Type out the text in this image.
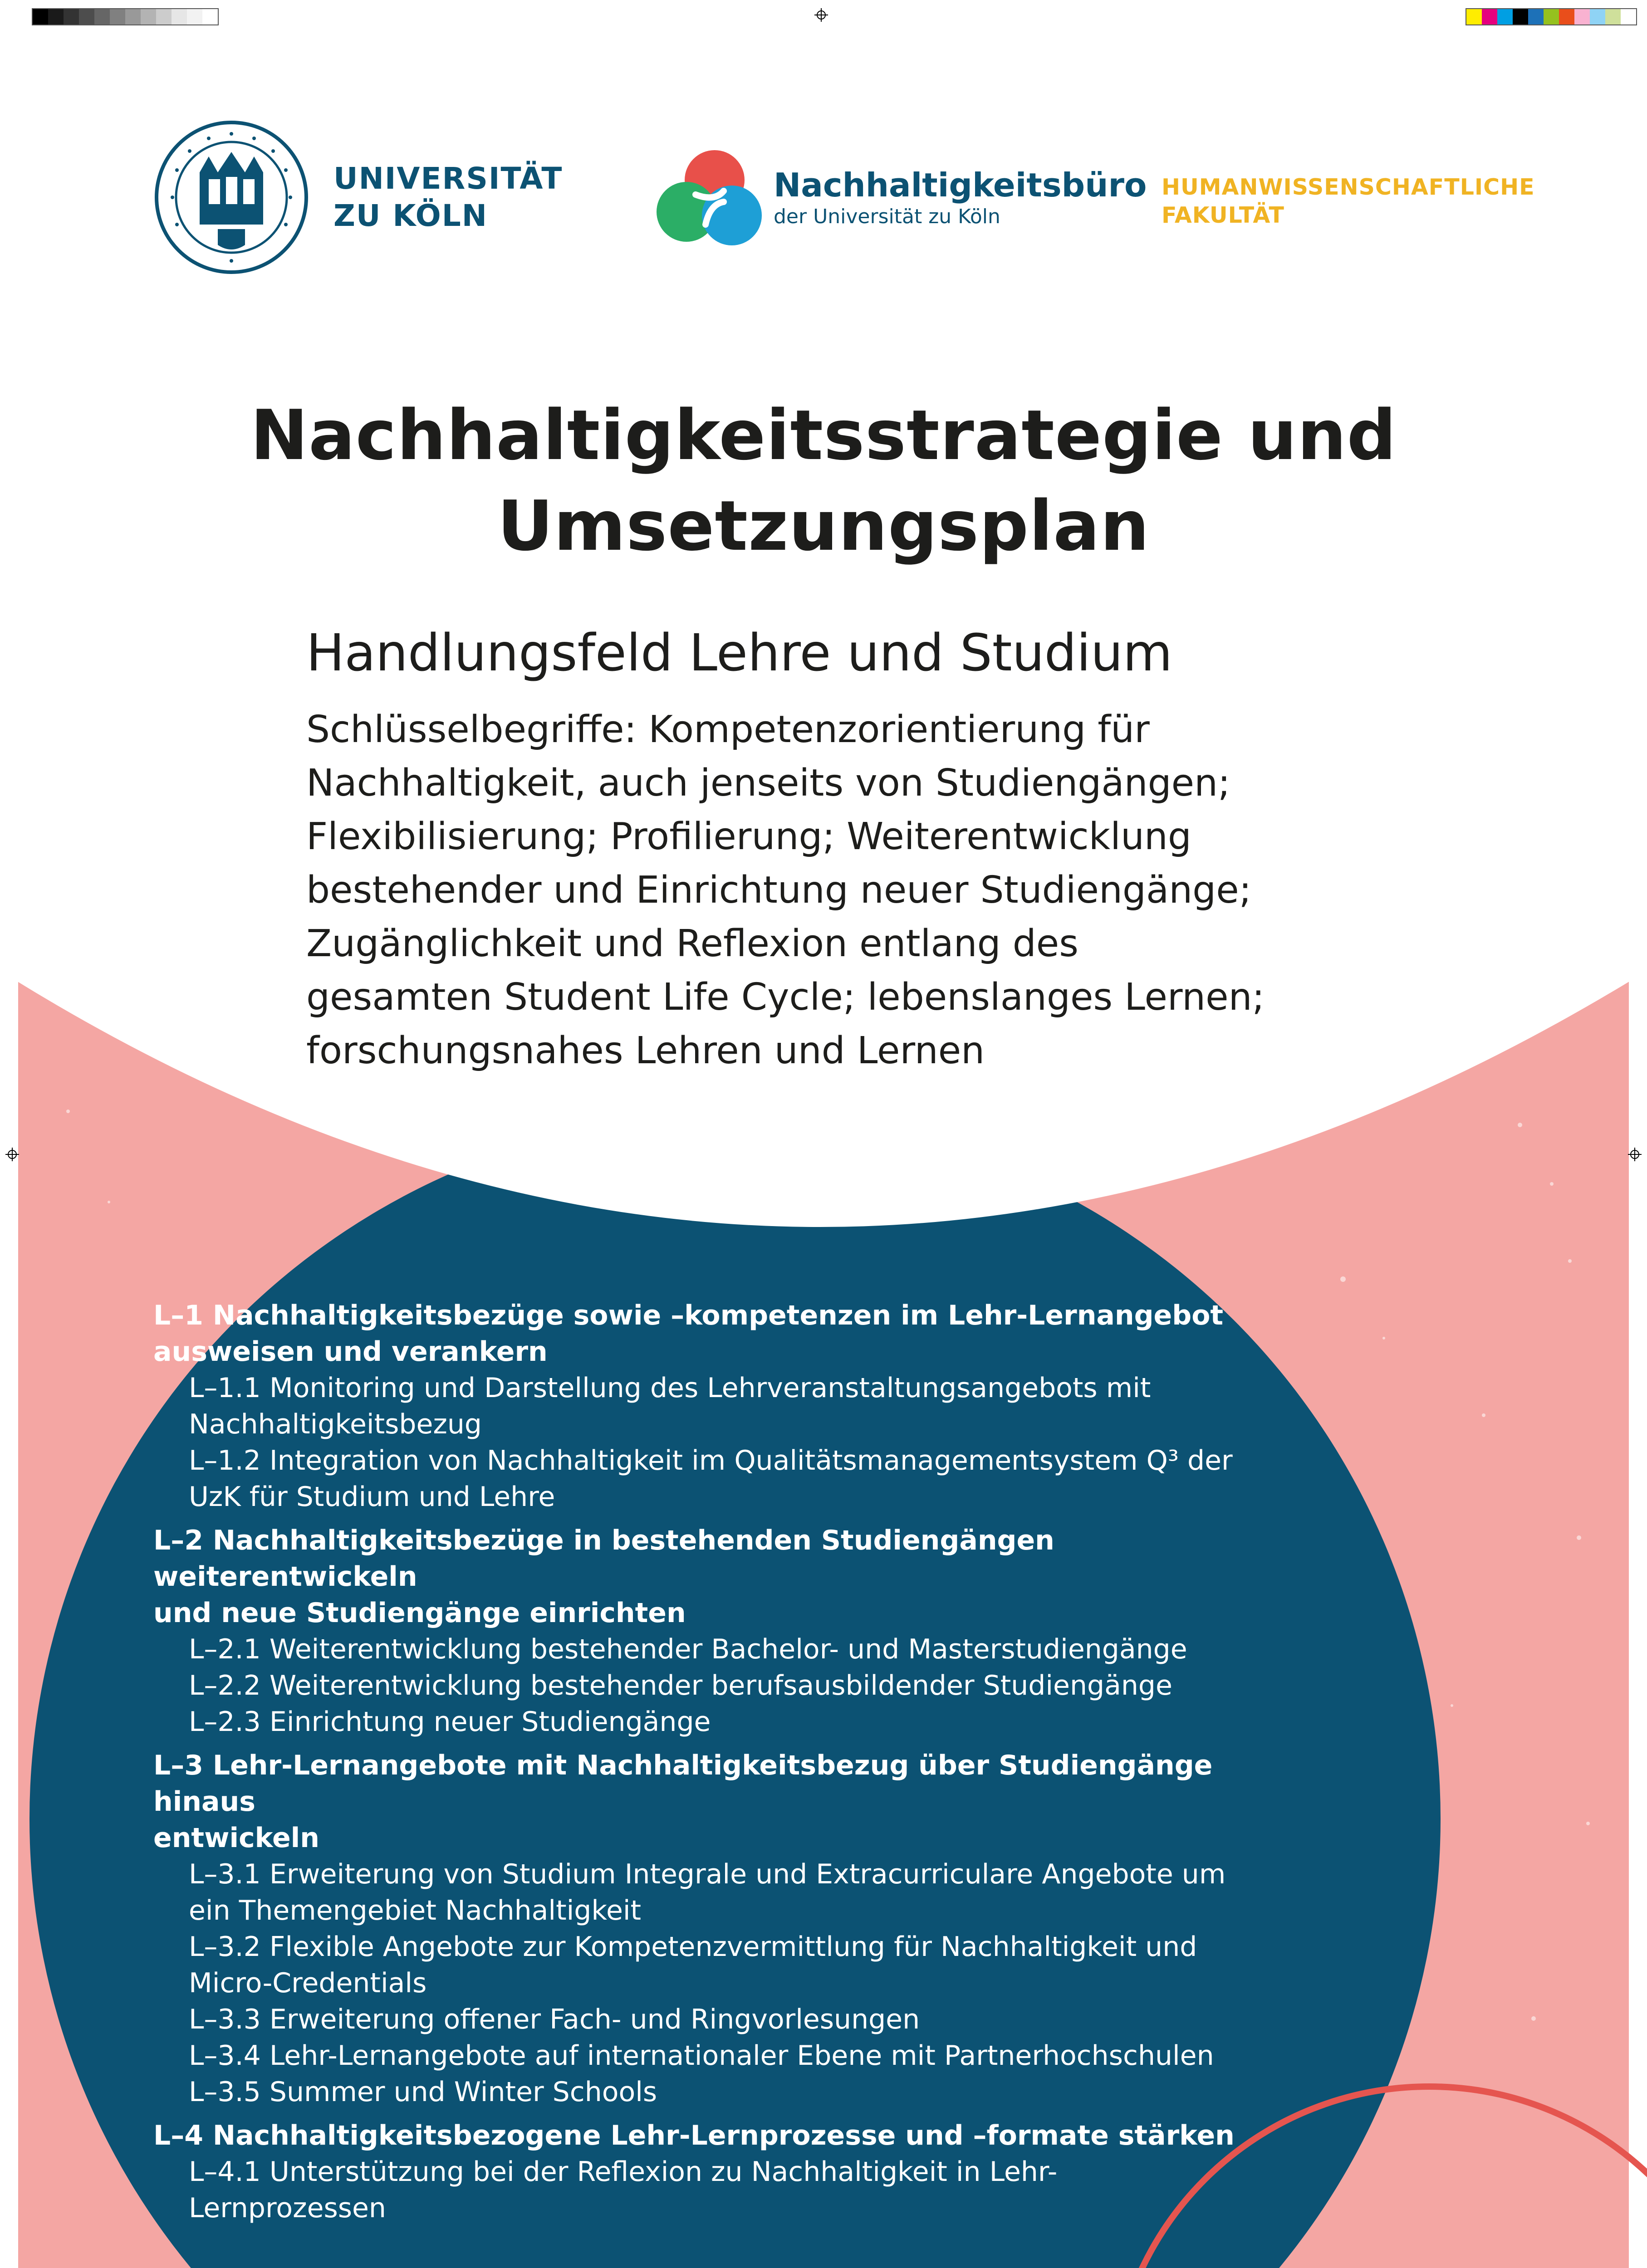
UNIVERSITÄT
ZU KÖLN
Nachhaltigkeitsbüro
der Universität zu Köln
HUMANWISSENSCHAFTLICHE
FAKULTÄT
Nachhaltigkeitsstrategie und
Umsetzungsplan
Handlungsfeld Lehre und Studium
Schlüsselbegriffe: Kompetenzorientierung für
Nachhaltigkeit, auch jenseits von Studiengängen;
Flexibilisierung; Profilierung; Weiterentwicklung
bestehender und Einrichtung neuer Studiengänge;
Zugänglichkeit und Reflexion entlang des
gesamten Student Life Cycle; lebenslanges Lernen;
forschungsnahes Lehren und Lernen
L–1 Nachhaltigkeitsbezüge sowie –kompetenzen im Lehr-Lernangebot
ausweisen und verankern
L–1.1 Monitoring und Darstellung des Lehrveranstaltungsangebots mit
Nachhaltigkeitsbezug
L–1.2 Integration von Nachhaltigkeit im Qualitätsmanagementsystem Q³ der
UzK für Studium und Lehre
L–2 Nachhaltigkeitsbezüge in bestehenden Studiengängen weiterentwickeln
und neue Studiengänge einrichten
L–2.1 Weiterentwicklung bestehender Bachelor- und Masterstudiengänge
L–2.2 Weiterentwicklung bestehender berufsausbildender Studiengänge
L–2.3 Einrichtung neuer Studiengänge
L–3 Lehr-Lernangebote mit Nachhaltigkeitsbezug über Studiengänge hinaus
entwickeln
L–3.1 Erweiterung von Studium Integrale und Extracurriculare Angebote um
ein Themengebiet Nachhaltigkeit
L–3.2 Flexible Angebote zur Kompetenzvermittlung für Nachhaltigkeit und
Micro-Credentials
L–3.3 Erweiterung offener Fach- und Ringvorlesungen
L–3.4 Lehr-Lernangebote auf internationaler Ebene mit Partnerhochschulen
L–3.5 Summer und Winter Schools
L–4 Nachhaltigkeitsbezogene Lehr-Lernprozesse und –formate stärken
L–4.1 Unterstützung bei der Reflexion zu Nachhaltigkeit in Lehr-
Lernprozessen
